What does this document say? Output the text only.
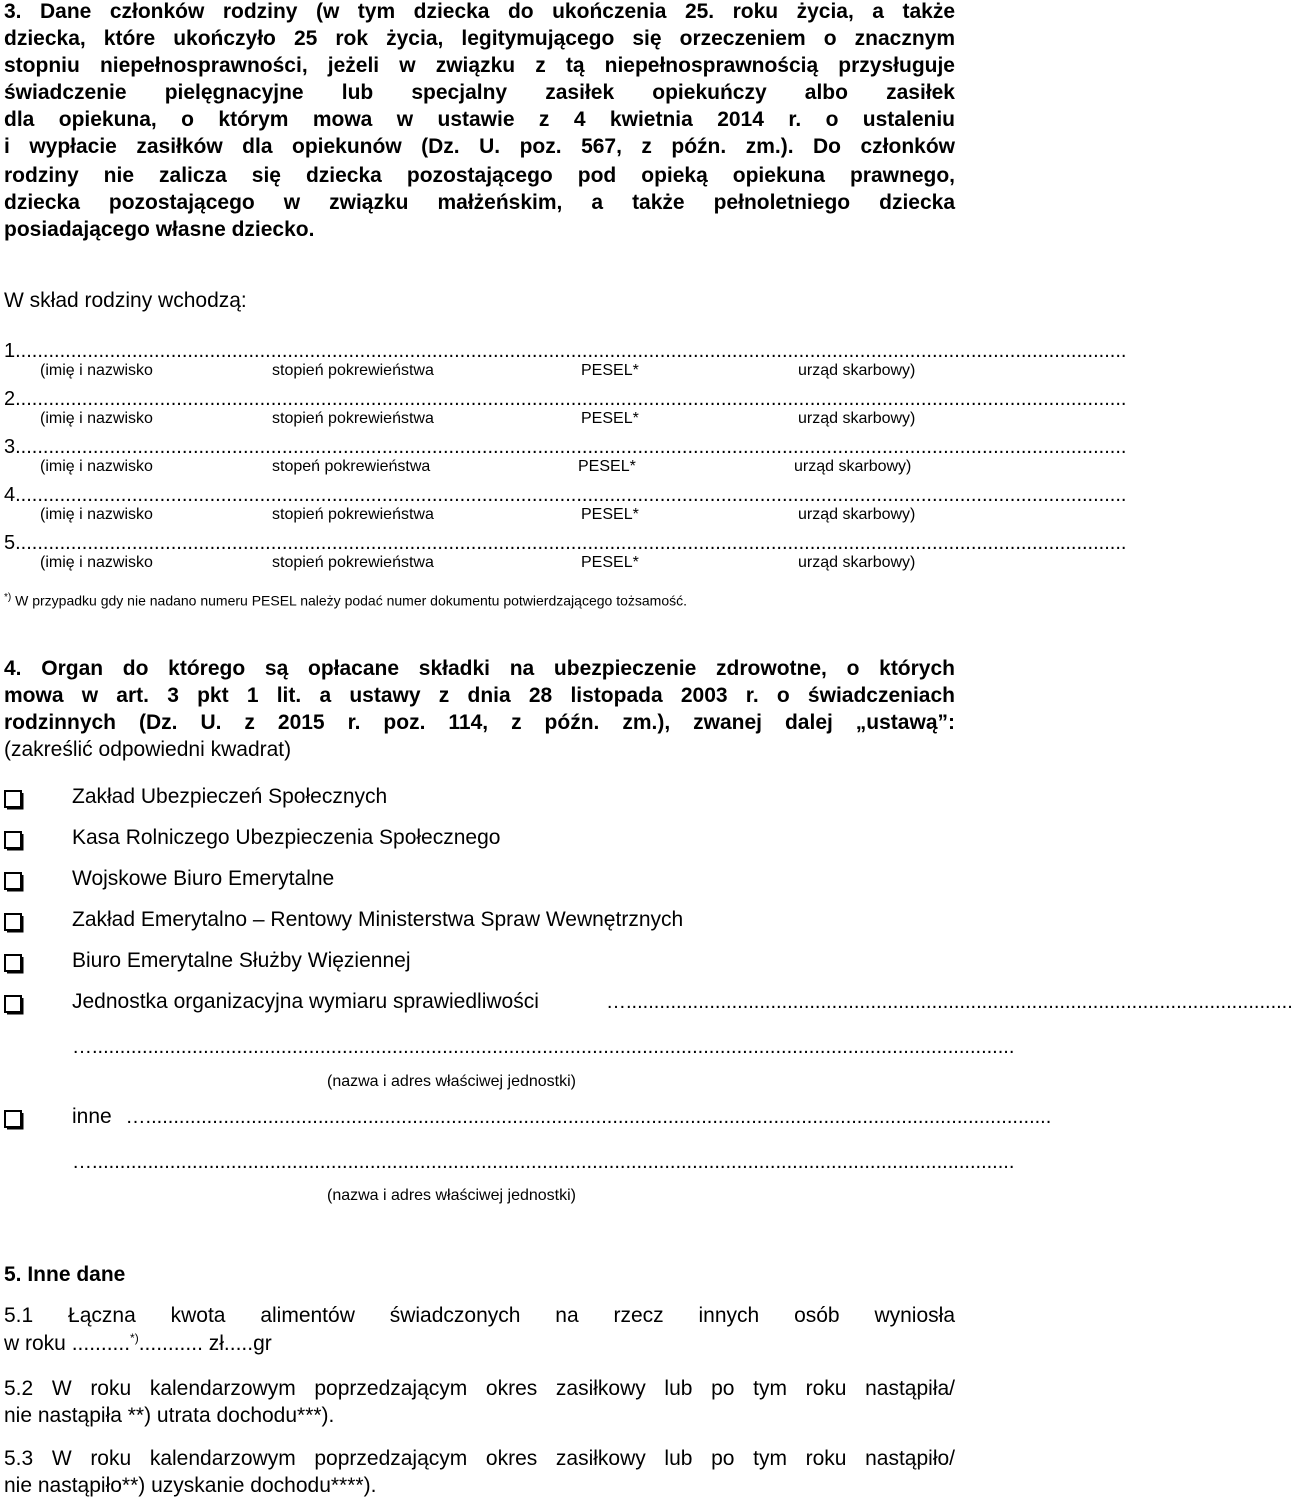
3. Dane członków rodziny (w tym dziecka do ukończenia 25. roku życia, a także
dziecka, które ukończyło 25 rok życia, legitymującego się orzeczeniem o znacznym
stopniu niepełnosprawności, jeżeli w związku z tą niepełnosprawnością przysługuje
świadczenie pielęgnacyjne lub specjalny zasiłek opiekuńczy albo zasiłek
dla opiekuna, o którym mowa w ustawie z 4 kwietnia 2014 r. o ustaleniu
i wypłacie zasiłków dla opiekunów (Dz. U. poz. 567, z późn. zm.). Do członków
rodziny nie zalicza się dziecka pozostającego pod opieką opiekuna prawnego,
dziecka pozostającego w związku małżeńskim, a także pełnoletniego dziecka
posiadającego własne dziecko.
W skład rodziny wchodzą:
1........................................................................................................................................................................................................
(imię i nazwisko	stopień pokrewieństwa	PESEL*	urząd skarbowy)
2........................................................................................................................................................................................................
(imię i nazwisko	stopień pokrewieństwa	PESEL*	urząd skarbowy)
3........................................................................................................................................................................................................
(imię i nazwisko	stopeń pokrewieństwa	PESEL*	urząd skarbowy)
4........................................................................................................................................................................................................
(imię i nazwisko	stopień pokrewieństwa	PESEL*	urząd skarbowy)
5........................................................................................................................................................................................................
(imię i nazwisko	stopień pokrewieństwa	PESEL*	urząd skarbowy)
*) W przypadku gdy nie nadano numeru PESEL należy podać numer dokumentu potwierdzającego tożsamość.
4. Organ do którego są opłacane składki na ubezpieczenie zdrowotne, o których
mowa w art. 3 pkt 1 lit. a ustawy z dnia 28 listopada 2003 r. o świadczeniach
rodzinnych (Dz. U. z 2015 r. poz. 114, z późn. zm.), zwanej dalej „ustawą”:
(zakreślić odpowiedni kwadrat)
Zakład Ubezpieczeń Społecznych
Kasa Rolniczego Ubezpieczenia Społecznego
Wojskowe Biuro Emerytalne
Zakład Emerytalno – Rentowy Ministerstwa Spraw Wewnętrznych
Biuro Emerytalne Służby Więziennej
Jednostka organizacyjna wymiaru sprawiedliwości	…........................................................................................................................
…......................................................................................................................................................................
(nazwa i adres właściwej jednostki)
inne …...................................................................................................................................................................
…......................................................................................................................................................................
(nazwa i adres właściwej jednostki)
5. Inne dane
5.1 Łączna kwota alimentów świadczonych na rzecz innych osób wyniosła
w roku ..........*)........... zł.....gr
5.2 W roku kalendarzowym poprzedzającym okres zasiłkowy lub po tym roku nastąpiła/
nie nastąpiła **) utrata dochodu***).
5.3 W roku kalendarzowym poprzedzającym okres zasiłkowy lub po tym roku nastąpiło/
nie nastąpiło**) uzyskanie dochodu****).
